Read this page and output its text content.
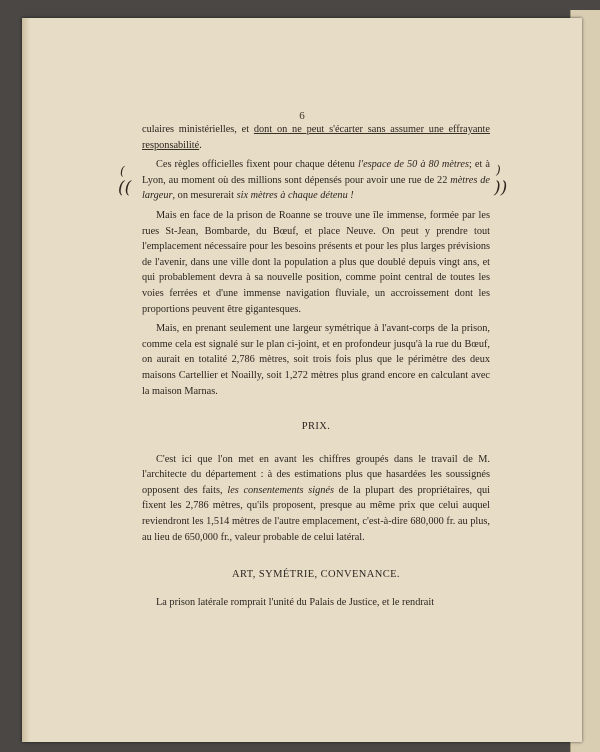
6

culaires ministérielles, et dont on ne peut s'écarter sans assumer une effrayante responsabilité.

Ces règles officielles fixent pour chaque détenu l'espace de 50 à 80 mètres; et à Lyon, au moment où des millions sont dépensés pour avoir une rue de 22 mètres de largeur, on mesurerait six mètres à chaque détenu !

Mais en face de la prison de Roanne se trouve une île immense, formée par les rues St-Jean, Bombarde, du Bœuf, et place Neuve. On peut y prendre tout l'emplacement nécessaire pour les besoins présents et pour les plus larges prévisions de l'avenir, dans une ville dont la population a plus que doublé depuis vingt ans, et qui probablement devra à sa nouvelle position, comme point central de toutes les voies ferrées et d'une immense navigation fluviale, un accroissement dont les proportions peuvent être gigantesques.

Mais, en prenant seulement une largeur symétrique à l'avant-corps de la prison, comme cela est signalé sur le plan ci-joint, et en profondeur jusqu'à la rue du Bœuf, on aurait en totalité 2,786 mètres, soit trois fois plus que le périmètre des deux maisons Cartellier et Noailly, soit 1,272 mètres plus grand encore en calculant avec la maison Marnas.

PRIX.

C'est ici que l'on met en avant les chiffres groupés dans le travail de M. l'architecte du département : à des estimations plus que hasardées les soussignés opposent des faits, les consentements signés de la plupart des propriétaires, qui fixent les 2,786 mètres, qu'ils proposent, presque au même prix que celui auquel reviendront les 1,514 mètres de l'autre emplacement, c'est-à-dire 680,000 fr. au plus, au lieu de 650,000 fr., valeur probable de celui latéral.

ART, SYMÉTRIE, CONVENANCE.

La prison latérale romprait l'unité du Palais de Justice, et le rendrait

(
((
)
))
